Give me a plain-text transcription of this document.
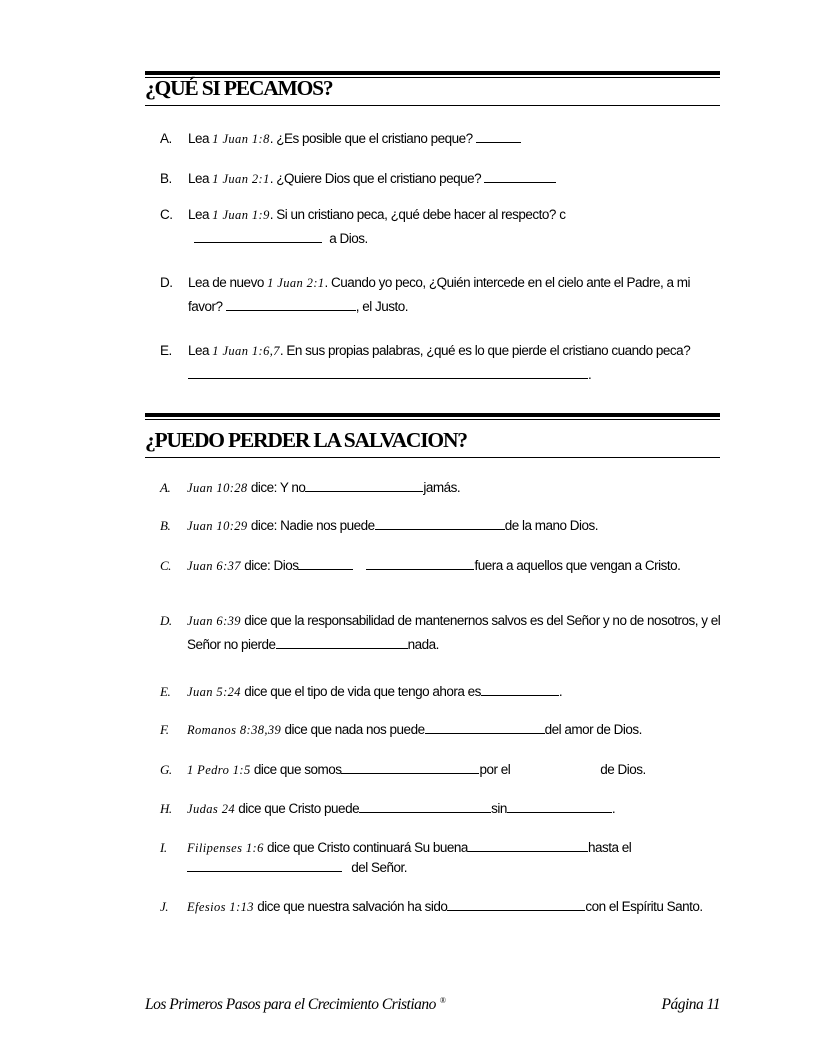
¿QUÉ SI PECAMOS?
A. Lea 1 Juan 1:8. ¿Es posible que el cristiano peque?
B. Lea 1 Juan 2:1. ¿Quiere Dios que el cristiano peque?
C. Lea 1 Juan 1:9. Si un cristiano peca, ¿qué debe hacer al respecto? c
a Dios.
D. Lea de nuevo 1 Juan 2:1. Cuando yo peco, ¿Quién intercede en el cielo ante el Padre, a mi favor?	, el Justo.
E. Lea 1 Juan 1:6,7. En sus propias palabras, ¿qué es lo que pierde el cristiano cuando peca? .
¿PUEDO PERDER LA SALVACION?
A. Juan 10:28 dice: Y no	jamás.
B. Juan 10:29 dice: Nadie nos puede	de la mano Dios.
C. Juan 6:37 dice: Dios	fuera a aquellos que vengan a Cristo.
D. Juan 6:39 dice que la responsabilidad de mantenernos salvos es del Señor y no de nosotros, y el Señor no pierde	nada.
E. Juan 5:24 dice que el tipo de vida que tengo ahora es	.
F. Romanos 8:38,39 dice que nada nos puede	del amor de Dios.
G. 1 Pedro 1:5 dice que somos	por el	de Dios.
H. Judas 24 dice que Cristo puede	sin	.
I. Filipenses 1:6 dice que Cristo continuará Su buena	hasta el
del Señor.
J. Efesios 1:13 dice que nuestra salvación ha sido	con el Espíritu Santo.
Los Primeros Pasos para el Crecimiento Cristiano ®	Página 11
